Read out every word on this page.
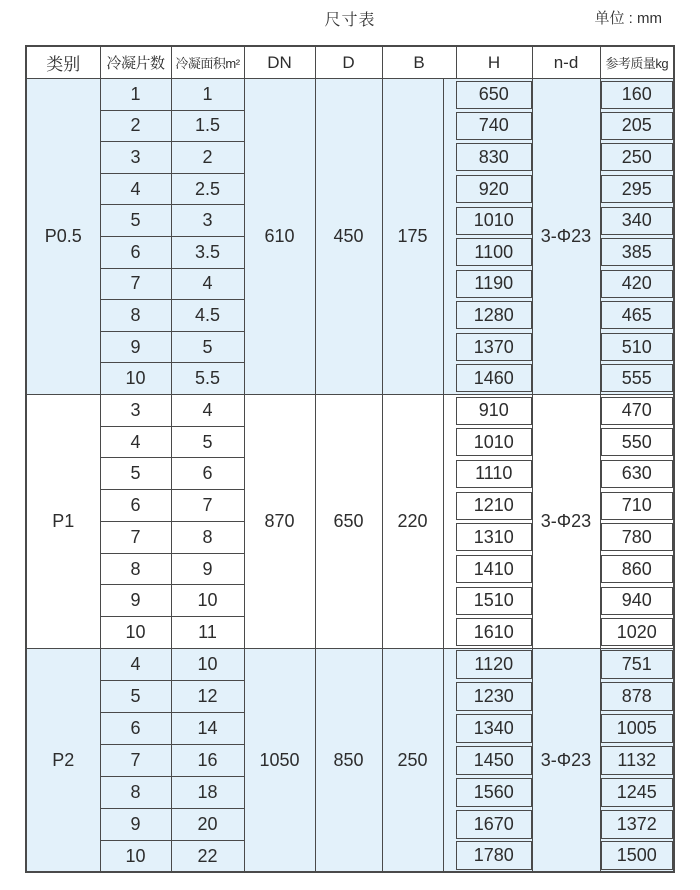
尺寸表	单位 : mm
类别	冷凝片数	冷凝面积m²	DN	D	B		H	n-d	参考质量kg
P0.5	1	1	610	450	175		650	3-Φ23	160

	2	1.5					740		205

	3	2					830		250

	4	2.5					920		295

	5	3					1010		340

	6	3.5					1100		385

	7	4					1190		420

	8	4.5					1280		465

	9	5					1370		510

	10	5.5					1460		555

P1	3	4	870	650	220		910	3-Φ23	470

	4	5					1010		550

	5	6					1110		630

	6	7					1210		710

	7	8					1310		780

	8	9					1410		860

	9	10					1510		940

	10	11					1610		1020

P2	4	10	1050	850	250		1120	3-Φ23	751

	5	12					1230		878

	6	14					1340		1005

	7	16					1450		1132

	8	18					1560		1245

	9	20					1670		1372

	10	22					1780		1500
